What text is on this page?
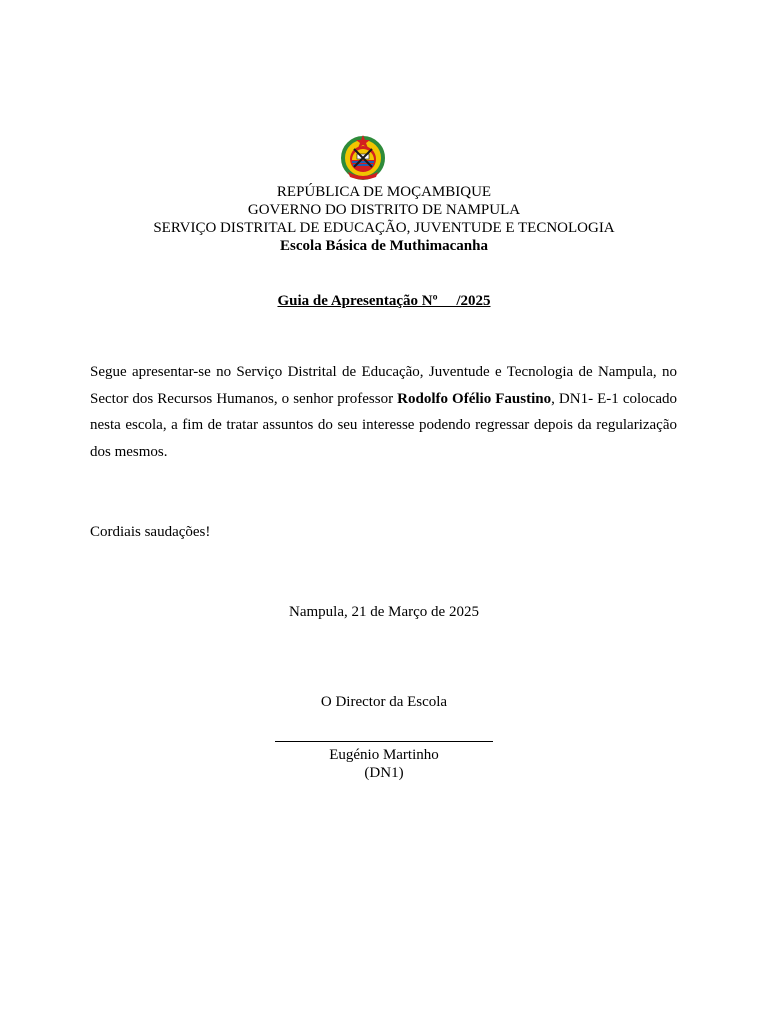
REPÚBLICA DE MOÇAMBIQUE
GOVERNO DO DISTRITO DE NAMPULA
SERVIÇO DISTRITAL DE EDUCAÇÃO, JUVENTUDE E TECNOLOGIA
Escola Básica de Muthimacanha
Guia de Apresentação Nº     /2025
Segue apresentar-se no Serviço Distrital de Educação, Juventude e Tecnologia de Nampula, no Sector dos Recursos Humanos, o senhor professor Rodolfo Ofélio Faustino, DN1- E-1 colocado nesta escola, a fim de tratar assuntos do seu interesse podendo regressar depois da regularização dos mesmos.
Cordiais saudações!
Nampula, 21 de Março de 2025
O Director da Escola
Eugénio Martinho
(DN1)
